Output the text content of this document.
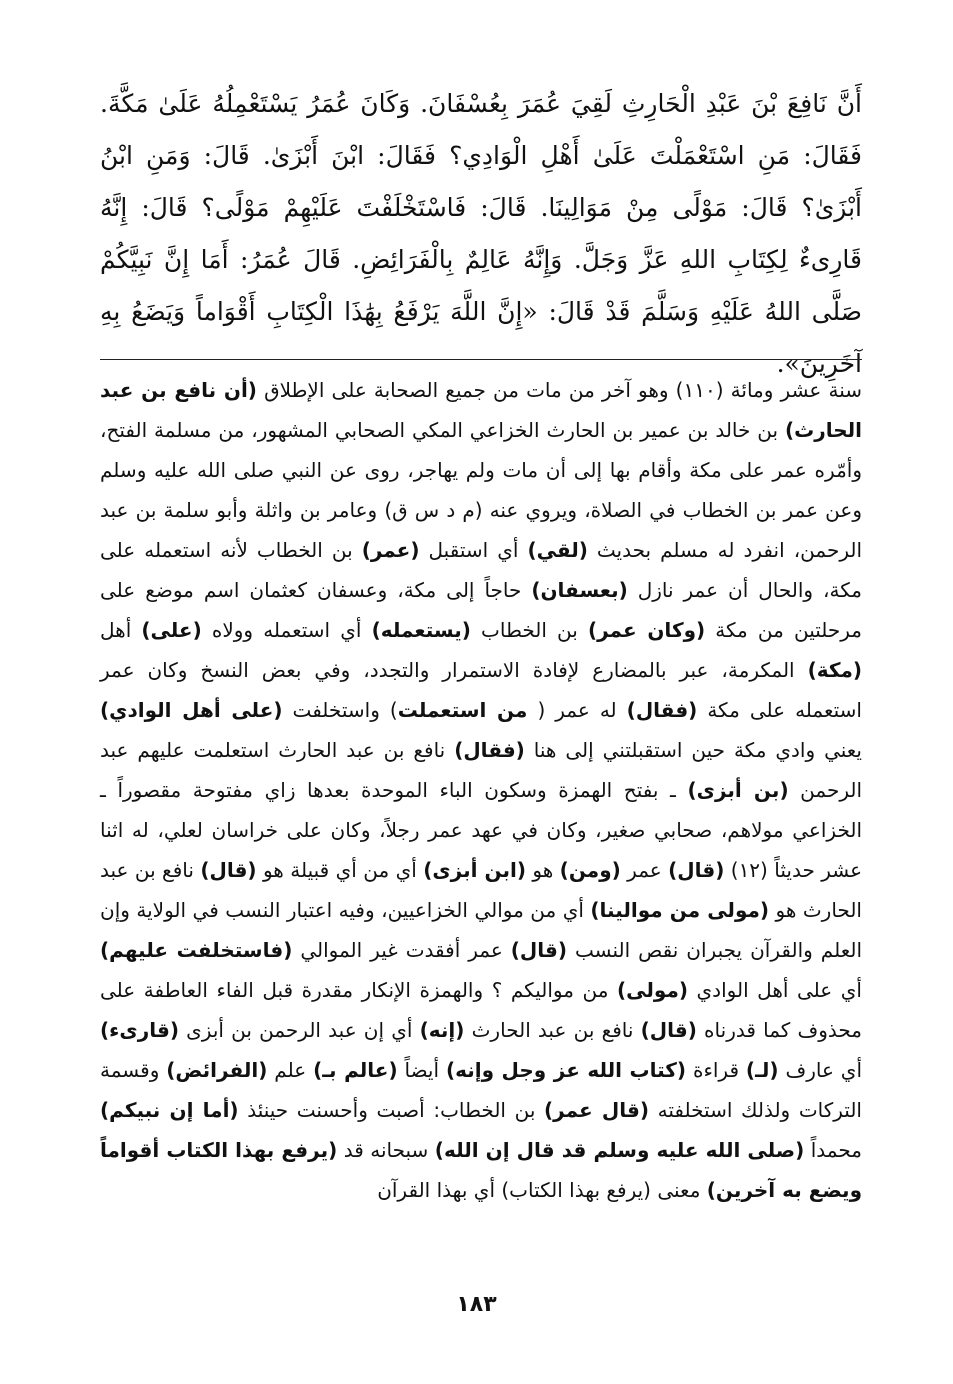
أَنَّ نَافِعَ بْنَ عَبْدِ الْحَارِثِ لَقِيَ عُمَرَ بِعُسْفَانَ. وَكَانَ عُمَرُ يَسْتَعْمِلُهُ عَلَىٰ مَكَّةَ. فَقَالَ: مَنِ اسْتَعْمَلْتَ عَلَىٰ أَهْلِ الْوَادِي؟ فَقَالَ: ابْنَ أَبْزَىٰ. قَالَ: وَمَنِ ابْنُ أَبْزَىٰ؟ قَالَ: مَوْلًى مِنْ مَوَالِينَا. قَالَ: فَاسْتَخْلَفْتَ عَلَيْهِمْ مَوْلًى؟ قَالَ: إِنَّهُ قَارِىءٌ لِكِتَابِ اللهِ عَزَّ وَجَلَّ. وَإِنَّهُ عَالِمٌ بِالْفَرَائِضِ. قَالَ عُمَرُ: أَمَا إِنَّ نَبِيَّكُمْ صَلَّى اللهُ عَلَيْهِ وَسَلَّمَ قَدْ قَالَ: «إِنَّ اللَّهَ يَرْفَعُ بِهَٰذَا الْكِتَابِ أَقْوَاماً وَيَضَعُ بِهِ آخَرِينَ».

سنة عشر ومائة (١١٠) وهو آخر من مات من جميع الصحابة على الإطلاق (أن نافع بن عبد الحارث) بن خالد بن عمير بن الحارث الخزاعي المكي الصحابي المشهور، من مسلمة الفتح، وأمّره عمر على مكة وأقام بها إلى أن مات ولم يهاجر، روى عن النبي صلى الله عليه وسلم وعن عمر بن الخطاب في الصلاة، ويروي عنه (م د س ق) وعامر بن واثلة وأبو سلمة بن عبد الرحمن، انفرد له مسلم بحديث (لقي) أي استقبل (عمر) بن الخطاب لأنه استعمله على مكة، والحال أن عمر نازل (بعسفان) حاجاً إلى مكة، وعسفان كعثمان اسم موضع على مرحلتين من مكة (وكان عمر) بن الخطاب (يستعمله) أي استعمله وولاه (على) أهل (مكة) المكرمة، عبر بالمضارع لإفادة الاستمرار والتجدد، وفي بعض النسخ وكان عمر استعمله على مكة (فقال) له عمر ( من استعملت) واستخلفت (على أهل الوادي) يعني وادي مكة حين استقبلتني إلى هنا (فقال) نافع بن عبد الحارث استعلمت عليهم عبد الرحمن (بن أبزى) ـ بفتح الهمزة وسكون الباء الموحدة بعدها زاي مفتوحة مقصوراً ـ الخزاعي مولاهم، صحابي صغير، وكان في عهد عمر رجلاً، وكان على خراسان لعلي، له اثنا عشر حديثاً (١٢) (قال) عمر (ومن) هو (ابن أبزى) أي من أي قبيلة هو (قال) نافع بن عبد الحارث هو (مولى من موالينا) أي من موالي الخزاعيين، وفيه اعتبار النسب في الولاية وإن العلم والقرآن يجبران نقص النسب (قال) عمر أفقدت غير الموالي (فاستخلفت عليهم) أي على أهل الوادي (مولى) من مواليكم ؟ والهمزة الإنكار مقدرة قبل الفاء العاطفة على محذوف كما قدرناه (قال) نافع بن عبد الحارث (إنه) أي إن عبد الرحمن بن أبزى (قارىء) أي عارف (لـ) قراءة (كتاب الله عز وجل وإنه) أيضاً (عالم بـ) علم (الفرائض) وقسمة التركات ولذلك استخلفته (قال عمر) بن الخطاب: أصبت وأحسنت حينئذ (أما إن نبيكم) محمداً (صلى الله عليه وسلم قد قال إن الله) سبحانه قد (يرفع بهذا الكتاب أقواماً ويضع به آخرين) معنى (يرفع بهذا الكتاب) أي بهذا القرآن

١٨٣
